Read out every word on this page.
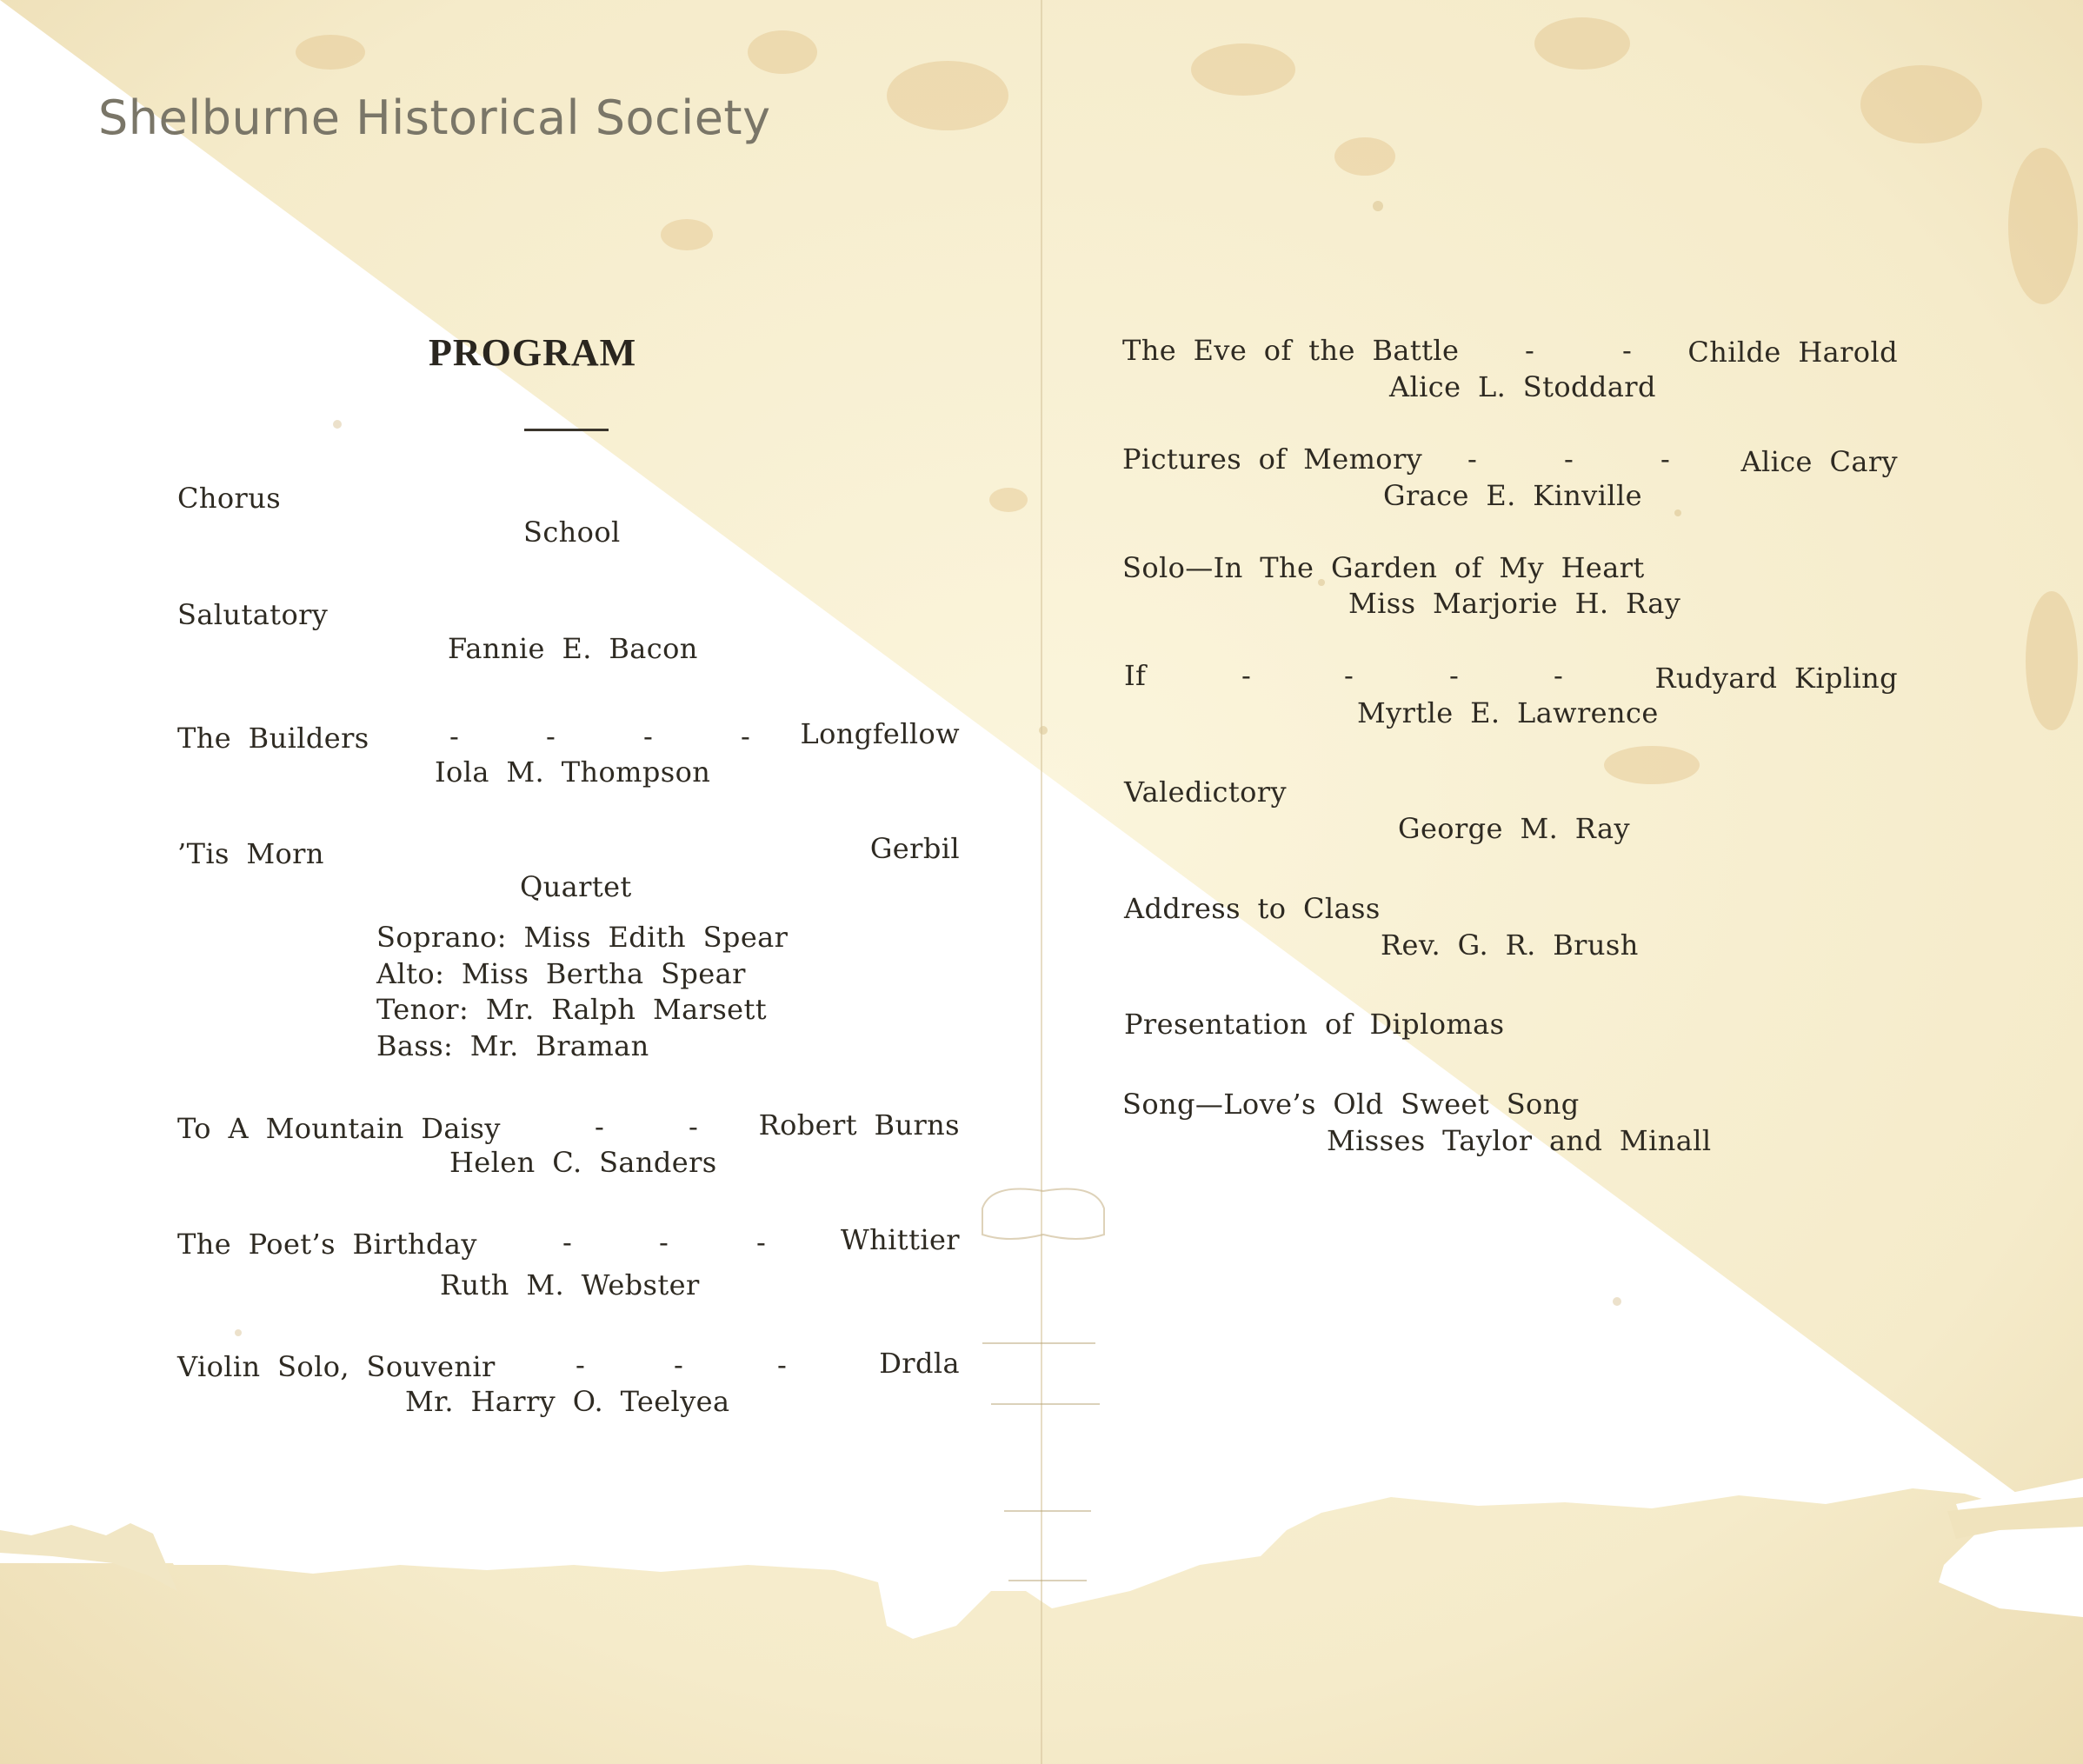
Shelburne Historical Society
PROGRAM
Chorus
School
Salutatory
Fannie E. Bacon
The Builders	-	-	-	-	Longfellow
Iola M. Thompson
’Tis Morn	Gerbil
Quartet
Soprano: Miss Edith Spear
Alto: Miss Bertha Spear
Tenor: Mr. Ralph Marsett
Bass: Mr. Braman
To A Mountain Daisy	-	-	Robert Burns
Helen C. Sanders
The Poet’s Birthday	-	-	-	Whittier
Ruth M. Webster
Violin Solo, Souvenir	-	-	-	Drdla
Mr. Harry O. Teelyea
The Eve of the Battle -	-	Childe Harold
Alice L. Stoddard
Pictures of Memory -	-	-	Alice Cary
Grace E. Kinville
Solo—In The Garden of My Heart
Miss Marjorie H. Ray
If	-	-	-	-	Rudyard Kipling
Myrtle E. Lawrence
Valedictory
George M. Ray
Address to Class
Rev. G. R. Brush
Presentation of Diplomas
Song—Love’s Old Sweet Song
Misses Taylor and Minall
